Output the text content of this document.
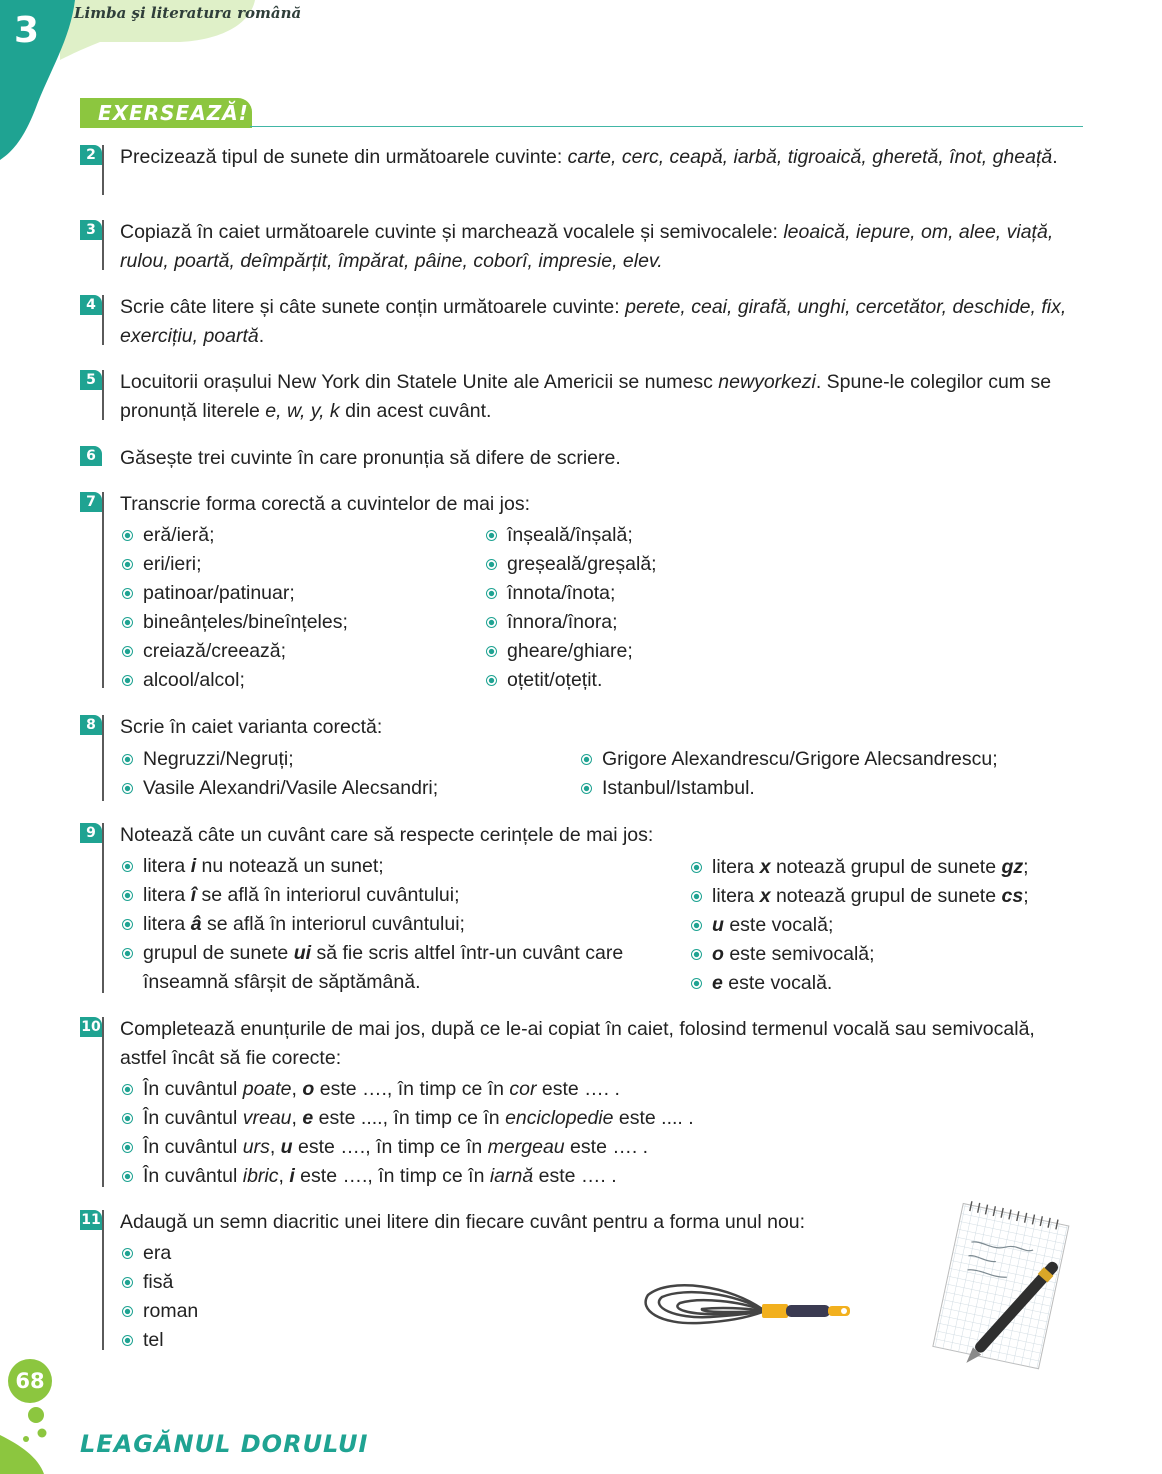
3 Limba şi literatura română
EXERSEAZĂ!
2	Precizează tipul de sunete din următoarele cuvinte: carte, cerc, ceapă, iarbă, tigroaică, gheretă, înot, gheață.
3	Copiază în caiet următoarele cuvinte și marchează vocalele și semivocalele: leoaică, iepure, om, alee, viață, rulou, poartă, deîmpărțit, împărat, pâine, coborî, impresie, elev.
4	Scrie câte litere și câte sunete conțin următoarele cuvinte: perete, ceai, girafă, unghi, cercetător, deschide, fix, exercițiu, poartă.
5	Locuitorii orașului New York din Statele Unite ale Americii se numesc newyorkezi. Spune-le colegilor cum se pronunță literele e, w, y, k din acest cuvânt.
6	Găsește trei cuvinte în care pronunția să difere de scriere.
7	Transcrie forma corectă a cuvintelor de mai jos:
eră/ieră;
eri/ieri;
patinoar/patinuar;
bineânțeles/bineînțeles;
creiază/creează;
alcool/alcol;
înșeală/înșală;
greșeală/greșală;
înnota/înota;
înnora/înora;
gheare/ghiare;
oțetit/oțețit.
8	Scrie în caiet varianta corectă:
Negruzzi/Negruți;
Vasile Alexandri/Vasile Alecsandri;
Grigore Alexandrescu/Grigore Alecsandrescu;
Istanbul/Istambul.
9	Notează câte un cuvânt care să respecte cerințele de mai jos:
litera i nu notează un sunet;
litera î se află în interiorul cuvântului;
litera â se află în interiorul cuvântului;
grupul de sunete ui să fie scris altfel într-un cuvânt care înseamnă sfârșit de săptămână.
litera x notează grupul de sunete gz;
litera x notează grupul de sunete cs;
u este vocală;
o este semivocală;
e este vocală.
10 Completează enunțurile de mai jos, după ce le-ai copiat în caiet, folosind termenul vocală sau semivocală, astfel încât să fie corecte:
În cuvântul poate, o este …., în timp ce în cor este …. .
În cuvântul vreau, e este ...., în timp ce în enciclopedie este .... .
În cuvântul urs, u este …., în timp ce în mergeau este …. .
În cuvântul ibric, i este …., în timp ce în iarnă este …. .
11 Adaugă un semn diacritic unei litere din fiecare cuvânt pentru a forma unul nou:
era
fisă
roman
tel
68
LEAGĂNUL DORULUI
